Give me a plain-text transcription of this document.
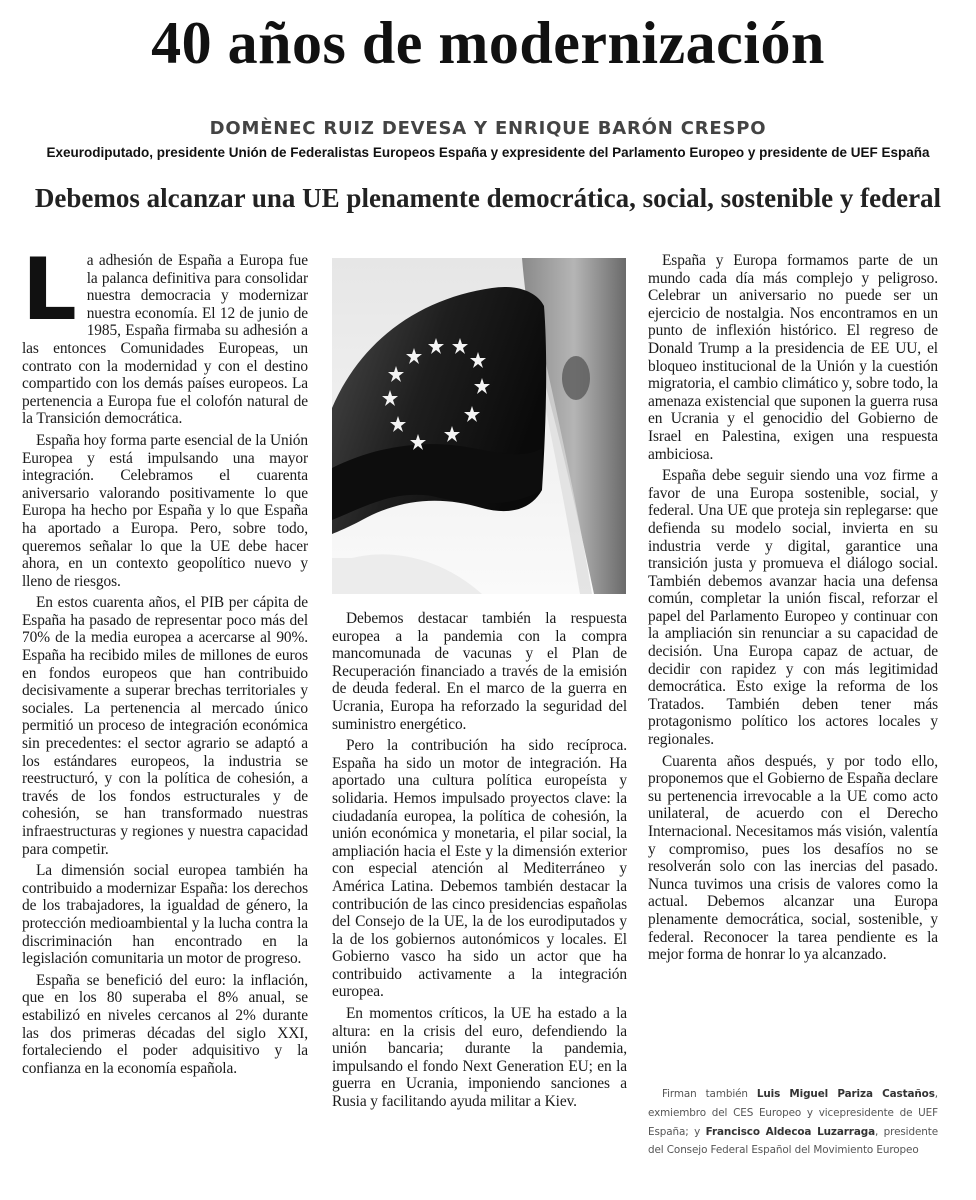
40 años de modernización
DOMÈNEC RUIZ DEVESA Y ENRIQUE BARÓN CRESPO
Exeurodiputado, presidente Unión de Federalistas Europeos España y expresidente del Parlamento Europeo y presidente de UEF España
Debemos alcanzar una UE plenamente democrática, social, sostenible y federal

L a adhesión de España a Europa fue la palanca definitiva para consolidar nuestra democracia y modernizar nuestra economía. El 12 de junio de 1985, España firmaba su adhesión a las entonces Comunidades Europeas, un contrato con la modernidad y con el destino compartido con los demás países europeos. La pertenencia a Europa fue el colofón natural de la Transición democrática.

España hoy forma parte esencial de la Unión Europea y está impulsando una mayor integración. Celebramos el cuarenta aniversario valorando positivamente lo que Europa ha hecho por España y lo que España ha aportado a Europa. Pero, sobre todo, queremos señalar lo que la UE debe hacer ahora, en un contexto geopolítico nuevo y lleno de riesgos.

En estos cuarenta años, el PIB per cápita de España ha pasado de representar poco más del 70% de la media europea a acercarse al 90%. España ha recibido miles de millones de euros en fondos europeos que han contribuido decisivamente a superar brechas territoriales y sociales. La pertenencia al mercado único permitió un proceso de integración económica sin precedentes: el sector agrario se adaptó a los estándares europeos, la industria se reestructuró, y con la política de cohesión, a través de los fondos estructurales y de cohesión, se han transformado nuestras infraestructuras y regiones y nuestra capacidad para competir.

La dimensión social europea también ha contribuido a modernizar España: los derechos de los trabajadores, la igualdad de género, la protección medioambiental y la lucha contra la discriminación han encontrado en la legislación comunitaria un motor de progreso.

España se benefició del euro: la inflación, que en los 80 superaba el 8% anual, se estabilizó en niveles cercanos al 2% durante las dos primeras décadas del siglo XXI, fortaleciendo el poder adquisitivo y la confianza en la economía española.

Debemos destacar también la respuesta europea a la pandemia con la compra mancomunada de vacunas y el Plan de Recuperación financiado a través de la emisión de deuda federal. En el marco de la guerra en Ucrania, Europa ha reforzado la seguridad del suministro energético.

Pero la contribución ha sido recíproca. España ha sido un motor de integración. Ha aportado una cultura política europeísta y solidaria. Hemos impulsado proyectos clave: la ciudadanía europea, la política de cohesión, la unión económica y monetaria, el pilar social, la ampliación hacia el Este y la dimensión exterior con especial atención al Mediterráneo y América Latina. Debemos también destacar la contribución de las cinco presidencias españolas del Consejo de la UE, la de los eurodiputados y la de los gobiernos autonómicos y locales. El Gobierno vasco ha sido un actor que ha contribuido activamente a la integración europea.

En momentos críticos, la UE ha estado a la altura: en la crisis del euro, defendiendo la unión bancaria; durante la pandemia, impulsando el fondo Next Generation EU; en la guerra en Ucrania, imponiendo sanciones a Rusia y facilitando ayuda militar a Kiev.

España y Europa formamos parte de un mundo cada día más complejo y peligroso. Celebrar un aniversario no puede ser un ejercicio de nostalgia. Nos encontramos en un punto de inflexión histórico. El regreso de Donald Trump a la presidencia de EE UU, el bloqueo institucional de la Unión y la cuestión migratoria, el cambio climático y, sobre todo, la amenaza existencial que suponen la guerra rusa en Ucrania y el genocidio del Gobierno de Israel en Palestina, exigen una respuesta ambiciosa.

España debe seguir siendo una voz firme a favor de una Europa sostenible, social, y federal. Una UE que proteja sin replegarse: que defienda su modelo social, invierta en su industria verde y digital, garantice una transición justa y promueva el diálogo social. También debemos avanzar hacia una defensa común, completar la unión fiscal, reforzar el papel del Parlamento Europeo y continuar con la ampliación sin renunciar a su capacidad de decisión. Una Europa capaz de actuar, de decidir con rapidez y con más legitimidad democrática. Esto exige la reforma de los Tratados. También deben tener más protagonismo político los actores locales y regionales.

Cuarenta años después, y por todo ello, proponemos que el Gobierno de España declare su pertenencia irrevocable a la UE como acto unilateral, de acuerdo con el Derecho Internacional. Necesitamos más visión, valentía y compromiso, pues los desafíos no se resolverán solo con las inercias del pasado. Nunca tuvimos una crisis de valores como la actual. Debemos alcanzar una Europa plenamente democrática, social, sostenible, y federal. Reconocer la tarea pendiente es la mejor forma de honrar lo ya alcanzado.

Firman también Luis Miguel Pariza Castaños, exmiembro del CES Europeo y vicepresidente de UEF España; y Francisco Aldecoa Luzarraga, presidente del Consejo Federal Español del Movimiento Europeo
